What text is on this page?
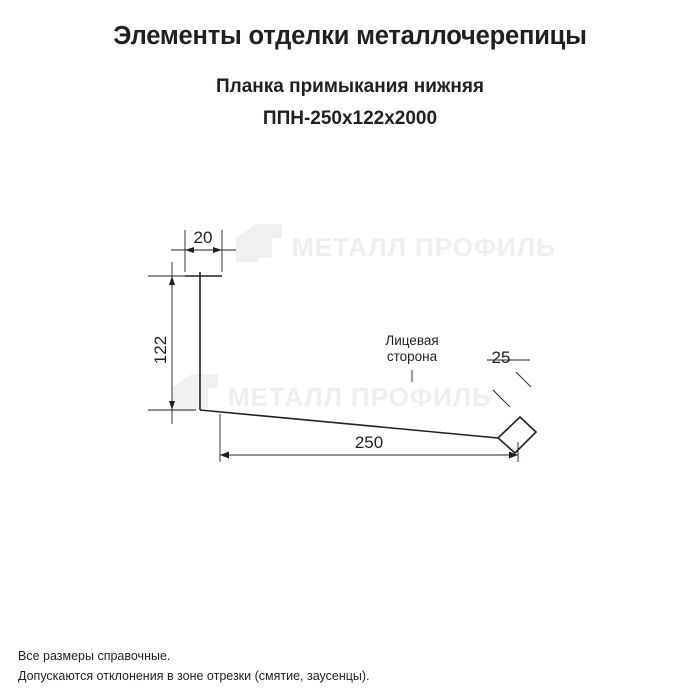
Элементы отделки металлочерепицы

Планка примыкания нижняя

ППН-250х122х2000

МЕТАЛЛ ПРОФИЛЬ
МЕТАЛЛ ПРОФИЛЬ
20
122	25
250
Лицевая
сторона
Все размеры справочные.
Допускаются отклонения в зоне отрезки (смятие, заусенцы).
